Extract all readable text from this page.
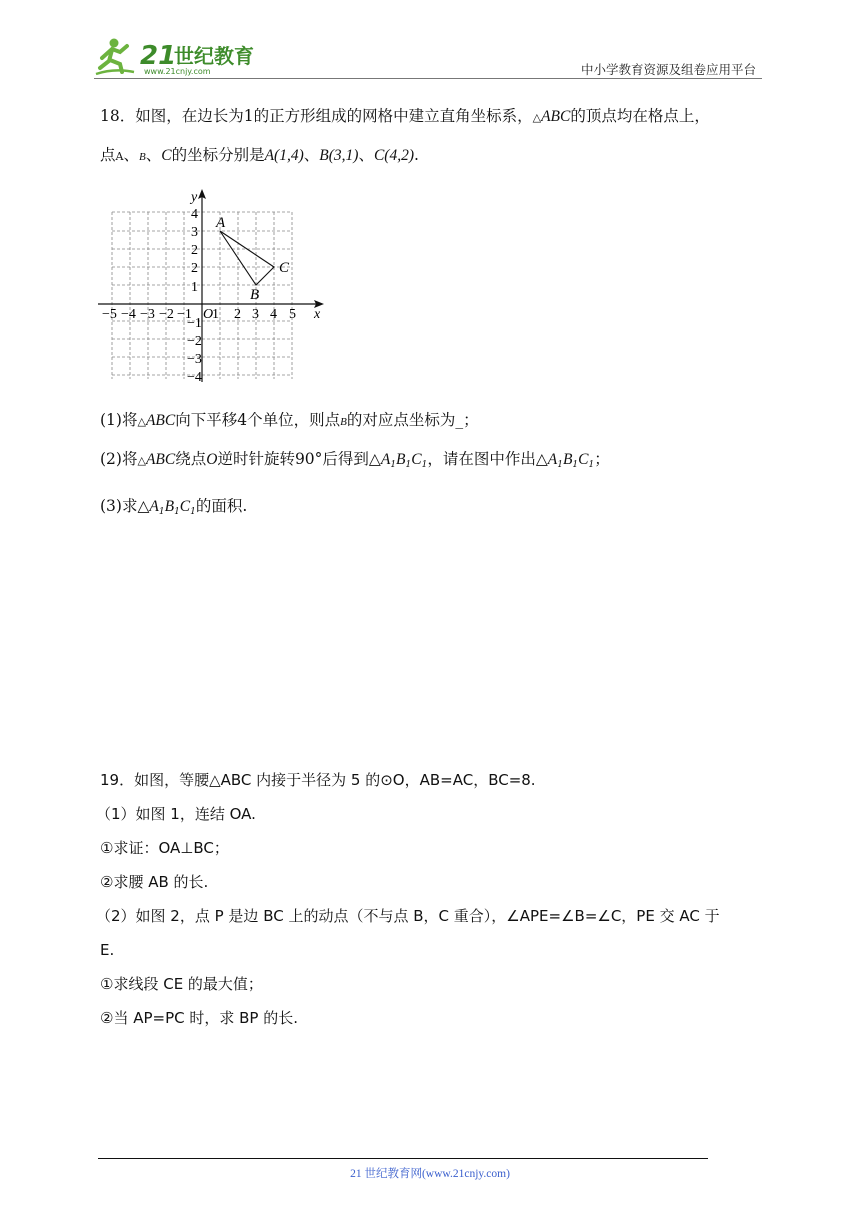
21
世纪教育
www.21cnjy.com	中小学教育资源及组卷应用平台
18．如图，在边长为1的正方形组成的网格中建立直角坐标系，△ABC的顶点均在格点上，
点A、B、C的坐标分别是A(1,4)、B(3,1)、C(4,2).
y
x
O
−5 −4 −3 −2 −1 1 2 3 4 5
1
2
2
3
4
−1
−2
−3
−4
A
C
B
(1)将△ABC向下平移4个单位，则点B的对应点坐标为_；
(2)将△ABC绕点O逆时针旋转90°后得到$\triangle A_1B_1C_1$，请在图中作出$\triangle A_1B_1C_1$；
(3)求$\triangle A_1B_1C_1$的面积.
19．如图，等腰△ABC 内接于半径为 5 的⊙O，AB=AC，BC=8.
（1）如图 1，连结 OA.
①求证：OA⊥BC；
②求腰 AB 的长.
（2）如图 2，点 P 是边 BC 上的动点（不与点 B，C 重合），∠APE=∠B=∠C，PE 交 AC 于
E.
①求线段 CE 的最大值；
②当 AP=PC 时，求 BP 的长.
21 世纪教育网(www.21cnjy.com)
